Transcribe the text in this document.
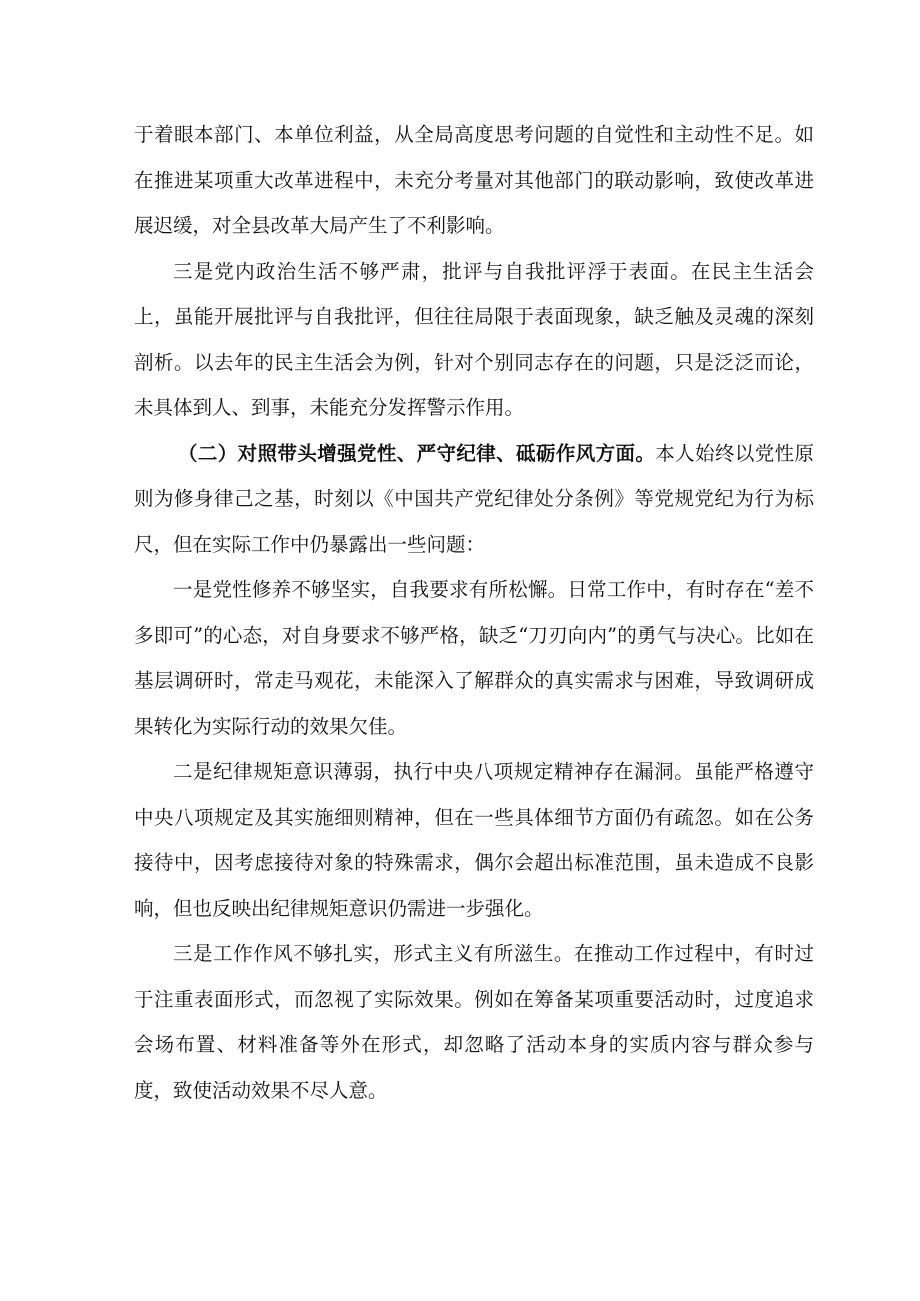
于着眼本部门、本单位利益，从全局高度思考问题的自觉性和主动性不足。如在推进某项重大改革进程中，未充分考量对其他部门的联动影响，致使改革进展迟缓，对全县改革大局产生了不利影响。

三是党内政治生活不够严肃，批评与自我批评浮于表面。在民主生活会上，虽能开展批评与自我批评，但往往局限于表面现象，缺乏触及灵魂的深刻剖析。以去年的民主生活会为例，针对个别同志存在的问题，只是泛泛而论，未具体到人、到事，未能充分发挥警示作用。

（二）对照带头增强党性、严守纪律、砥砺作风方面。本人始终以党性原则为修身律己之基，时刻以《中国共产党纪律处分条例》等党规党纪为行为标尺，但在实际工作中仍暴露出一些问题：

一是党性修养不够坚实，自我要求有所松懈。日常工作中，有时存在“差不多即可”的心态，对自身要求不够严格，缺乏“刀刃向内”的勇气与决心。比如在基层调研时，常走马观花，未能深入了解群众的真实需求与困难，导致调研成果转化为实际行动的效果欠佳。

二是纪律规矩意识薄弱，执行中央八项规定精神存在漏洞。虽能严格遵守中央八项规定及其实施细则精神，但在一些具体细节方面仍有疏忽。如在公务接待中，因考虑接待对象的特殊需求，偶尔会超出标准范围，虽未造成不良影响，但也反映出纪律规矩意识仍需进一步强化。

三是工作作风不够扎实，形式主义有所滋生。在推动工作过程中，有时过于注重表面形式，而忽视了实际效果。例如在筹备某项重要活动时，过度追求会场布置、材料准备等外在形式，却忽略了活动本身的实质内容与群众参与度，致使活动效果不尽人意。
